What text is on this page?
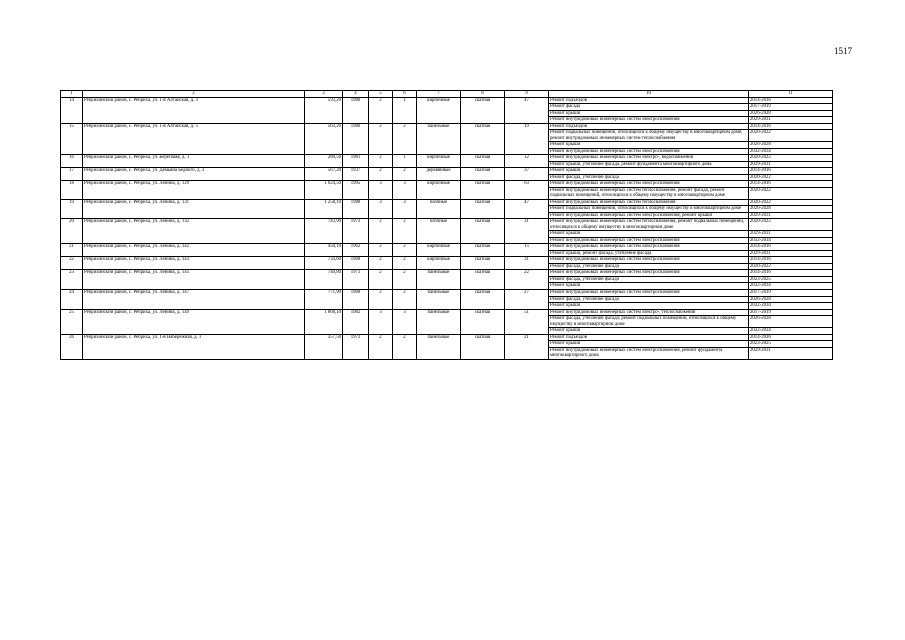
1517
1	2	3	4	5	6	7	8	9	10	11
14	Ребрихинский район, с. Ребриха, ул. 1-я Алтайская, д. 3	593,20	1980	2	1	кирпичные	скатная	47	Ремонт подъездов	2014-2016
									Ремонт фасада	2017-2019
									Ремонт крыши	2026-2028
									Ремонт внутридомовых инженерных систем электроснабжения	2029-2031
15	Ребрихинский район, с. Ребриха, ул. 1-я Алтайская, д. 5	563,20	1980	2	2	панельные	скатная	19	Ремонт подъездов	2014-2016
									Ремонт подвальных помещений, относящихся к общему имуществу в многоквартирном доме; ремонт внутридомовых инженерных систем теплоснабжения	2020-2022
									Ремонт крыши	2026-2028
									Ремонт внутридомовых инженерных систем электроснабжения	2032-2034
16	Ребрихинский район, с. Ребриха, ул. Береговая, д. 1	280,50	1981	2	1	кирпичные	скатная	12	Ремонт внутридомовых инженерных систем электро-, водоснабжения	2020-2022
									Ремонт крыши, утепление фасада, ремонт фундамента многоквартирного дома	2029-2031
17	Ребрихинский район, с. Ребриха, ул. Демьяна Бедного, д. 3	567,20	1937	2	2	деревянные	скатная	37	Ремонт крыши	2014-2016
									Ремонт фасада, утепление фасада	2020-2022
18	Ребрихинский район, с. Ребриха, ул. Ленина, д. 129	1 624,50	1995	3	3	кирпичные	скатная	63	Ремонт внутридомовых инженерных систем электроснабжения	2014-2016
									Ремонт внутридомовых инженерных систем теплоснабжения, ремонт фасада, ремонт подвальных помещений, относящихся к общему имуществу в многоквартирном доме	2020-2022
19	Ребрихинский район, с. Ребриха, ул. Ленина, д. 131	1 258,10	1988	3	3	блочные	скатная	47	Ремонт внутридомовых инженерных систем теплоснабжения	2020-2022
									Ремонт подвальных помещений, относящихся к общему имуществу в многоквартирном доме	2026-2028
									Ремонт внутридомовых инженерных систем электроснабжения, ремонт крыши	2029-2031
20	Ребрихинский район, с. Ребриха, ул. Ленина, д. 132	743,90	1973	2	2	блочные	скатная	31	Ремонт внутридомовых инженерных систем теплоснабжения, ремонт подвальных помещений, относящихся к общему имуществу в многоквартирном доме	2020-2022
									Ремонт крыши	2029-2031
									Ремонт внутридомовых инженерных систем электроснабжения	2032-2034
21	Ребрихинский район, с. Ребриха, ул. Ленина, д. 142	450,10	1962	2	2	кирпичные	скатная	15	Ремонт внутридомовых инженерных систем электроснабжения	2014-2016
									Ремонт крыши, ремонт фасада, утепление фасада	2029-2031
22	Ребрихинский район, с. Ребриха, ул. Ленина, д. 143	734,60	1968	2	2	кирпичные	скатная	31	Ремонт внутридомовых инженерных систем электроснабжения	2014-2016
									Ремонт фасада, утепление фасада	2020-2022
23	Ребрихинский район, с. Ребриха, ул. Ленина, д. 145	740,80	1971	2	2	панельные	скатная	22	Ремонт внутридомовых инженерных систем электроснабжения	2014-2016
									Ремонт фасада, утепление фасада	2023-2025
									Ремонт крыши	2032-2034
24	Ребрихинский район, с. Ребриха, ул. Ленина, д. 147	771,90	1968	2	2	панельные	скатная	27	Ремонт внутридомовых инженерных систем электроснабжения	2017-2019
									Ремонт фасада, утепление фасада	2026-2028
									Ремонт крыши	2032-2034
25	Ребрихинский район, с. Ребриха, ул. Ленина, д. 149	1 868,10	1982	3	3	панельные	скатная	51	Ремонт внутридомовых инженерных систем электро-, теплоснабжения	2017-2019
									Ремонт фасада, утепление фасада; ремонт подвальных помещений, относящихся к общему имуществу в многоквартирном доме	2026-2028
									Ремонт крыши	2032-2034
26	Ребрихинский район, с. Ребриха, ул. 1-я Набережная, д. 1	357,50	1972	2	2	панельные	скатная	21	Ремонт подъездов	2014-2016
									Ремонт крыши	2023-2025
									Ремонт внутридомовых инженерных систем электроснабжения, ремонт фундамента многоквартирного дома	2029-2031
